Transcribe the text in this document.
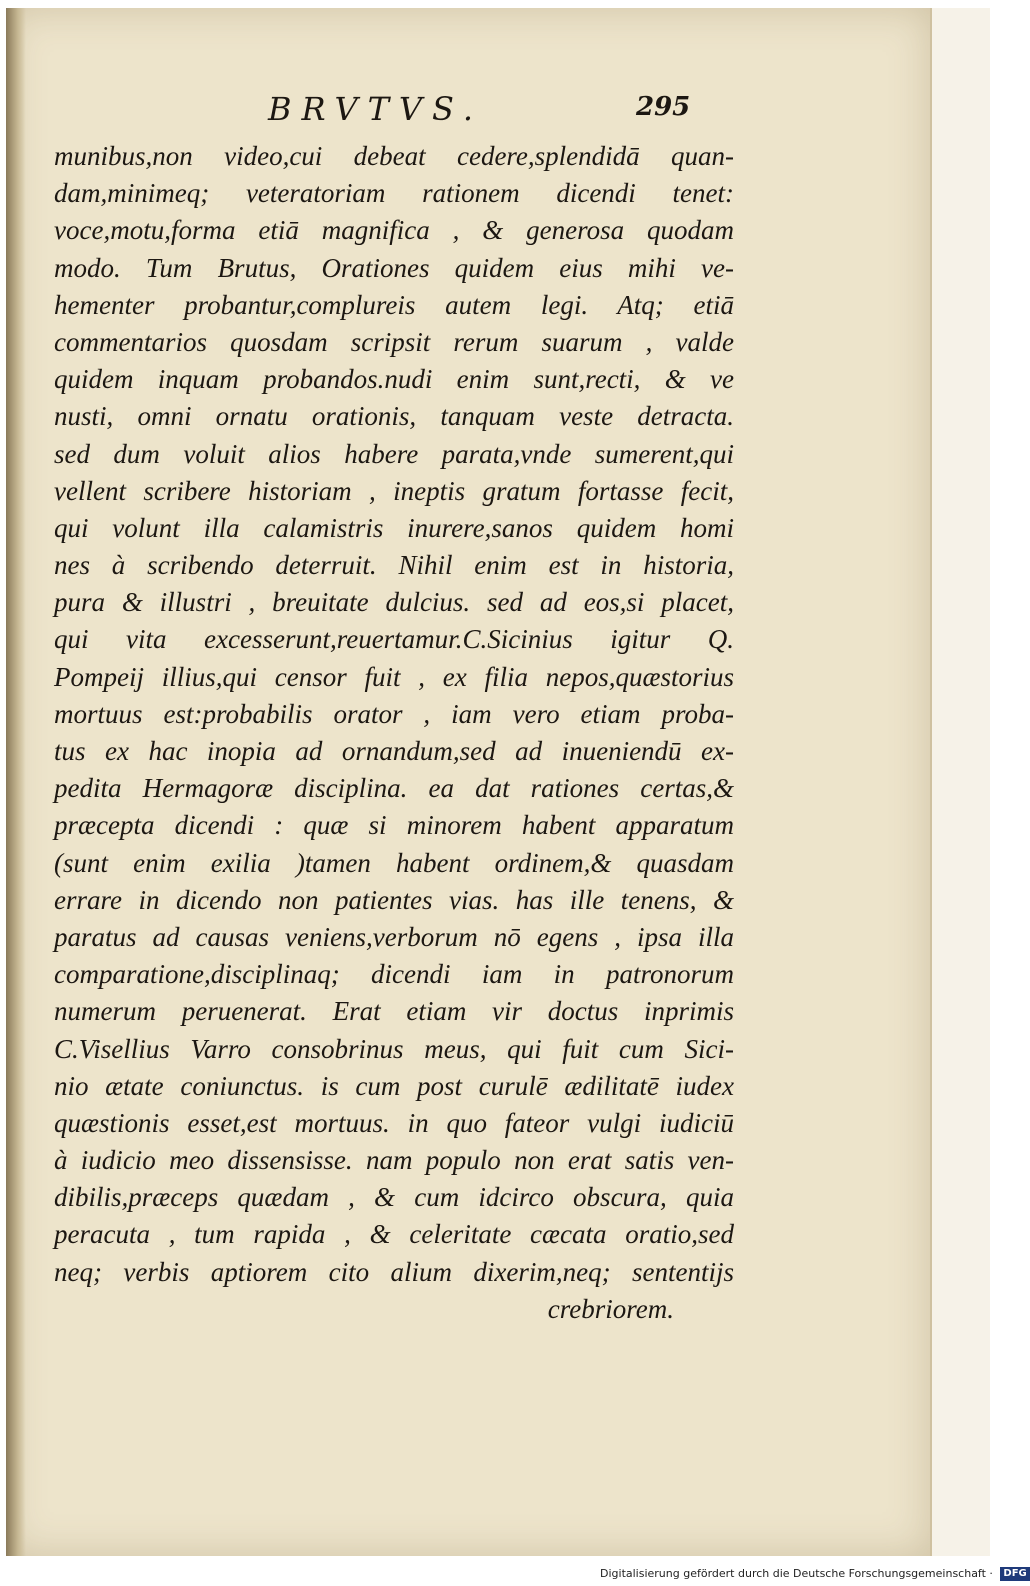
BRVTVS.	295
munibus,non video,cui debeat cedere,splendidā quan-
dam,minimeq; veteratoriam rationem dicendi tenet:
voce,motu,forma etiā magnifica , & generosa quodam
modo. Tum Brutus, Orationes quidem eius mihi ve-
hementer probantur,complureis autem legi. Atq; etiā
commentarios quosdam scripsit rerum suarum , valde
quidem inquam probandos.nudi enim sunt,recti, & ve
nusti, omni ornatu orationis, tanquam veste detracta.
sed dum voluit alios habere parata,vnde sumerent,qui
vellent scribere historiam , ineptis gratum fortasse fecit,
qui volunt illa calamistris inurere,sanos quidem homi
nes à scribendo deterruit. Nihil enim est in historia,
pura & illustri , breuitate dulcius. sed ad eos,si placet,
qui vita excesserunt,reuertamur.C.Sicinius igitur Q.
Pompeij illius,qui censor fuit , ex filia nepos,quæstorius
mortuus est:probabilis orator , iam vero etiam proba-
tus ex hac inopia ad ornandum,sed ad inueniendū ex-
pedita Hermagoræ disciplina. ea dat rationes certas,&
præcepta dicendi : quæ si minorem habent apparatum
(sunt enim exilia )tamen habent ordinem,& quasdam
errare in dicendo non patientes vias. has ille tenens, &
paratus ad causas veniens,verborum nō egens , ipsa illa
comparatione,disciplinaq; dicendi iam in patronorum
numerum peruenerat. Erat etiam vir doctus inprimis
C.Visellius Varro consobrinus meus, qui fuit cum Sici-
nio ætate coniunctus. is cum post curulē ædilitatē iudex
quæstionis esset,est mortuus. in quo fateor vulgi iudiciū
à iudicio meo dissensisse. nam populo non erat satis ven-
dibilis,præceps quædam , & cum idcirco obscura, quia
peracuta , tum rapida , & celeritate cæcata oratio,sed
neq; verbis aptiorem cito alium dixerim,neq; sententijs
crebriorem.
Digitalisierung gefördert durch die Deutsche Forschungsgemeinschaft · DFG
